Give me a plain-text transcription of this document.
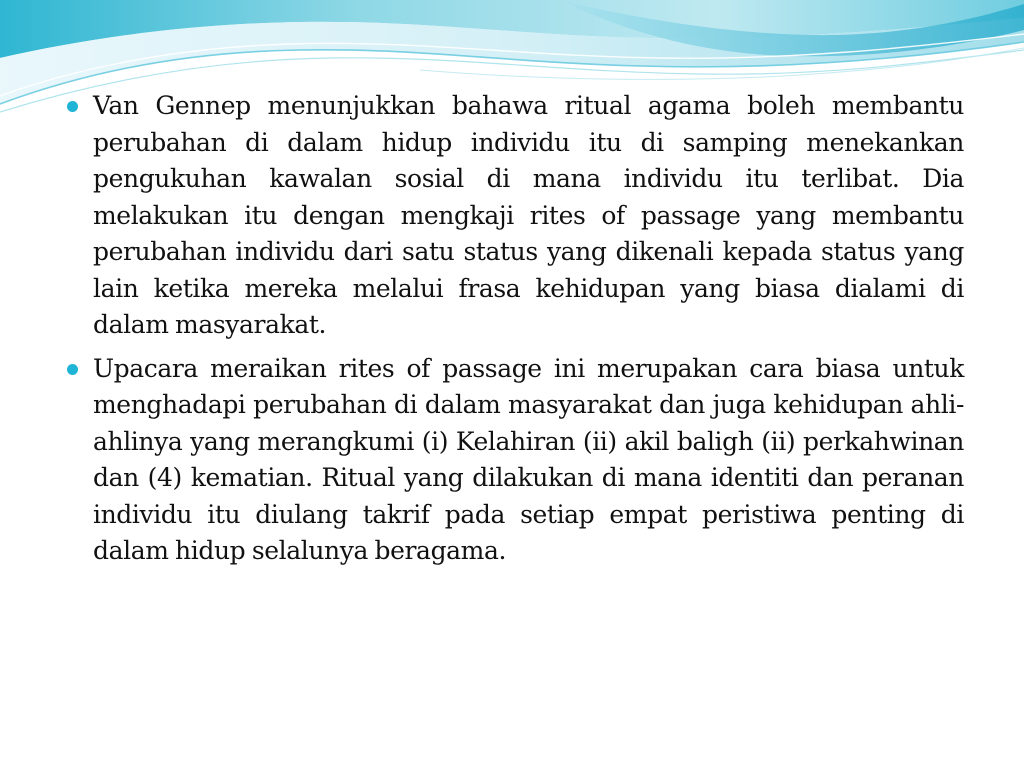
Van Gennep menunjukkan bahawa ritual agama boleh membantu perubahan di dalam hidup individu itu di samping menekankan pengukuhan kawalan sosial di mana individu itu terlibat. Dia melakukan itu dengan mengkaji rites of passage yang membantu perubahan individu dari satu status yang dikenali kepada status yang lain ketika mereka melalui frasa kehidupan yang biasa dialami di dalam masyarakat.
Upacara meraikan rites of passage ini merupakan cara biasa untuk menghadapi perubahan di dalam masyarakat dan juga kehidupan ahli-ahlinya yang merangkumi (i) Kelahiran (ii) akil baligh (ii) perkahwinan dan (4) kematian. Ritual yang dilakukan di mana identiti dan peranan individu itu diulang takrif pada setiap empat peristiwa penting di dalam hidup selalunya beragama.
